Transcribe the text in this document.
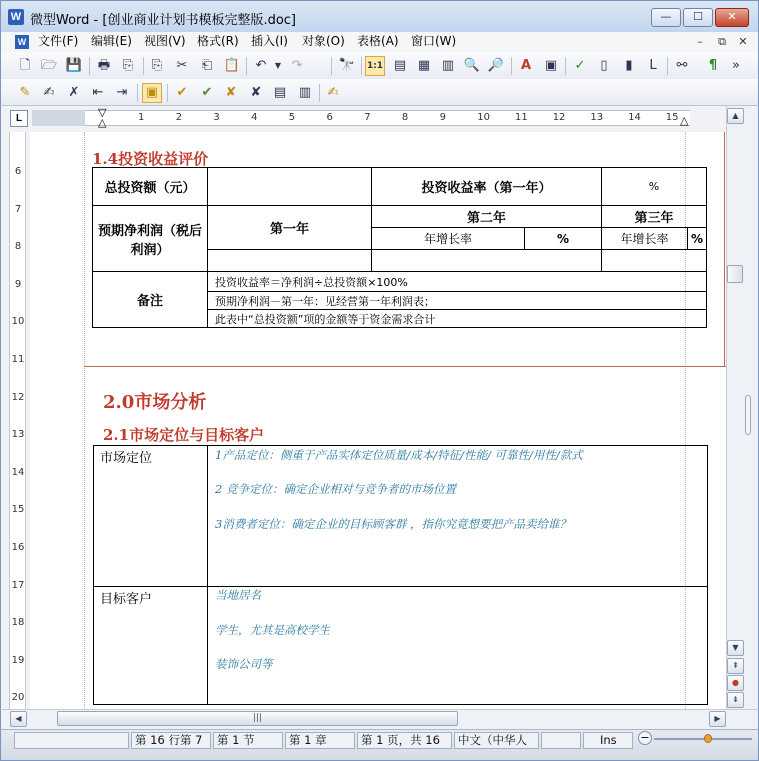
W 微型Word - [创业商业计划书模板完整版.doc]	—	☐	✕
W 文件(F) 编辑(E) 视图(V) 格式(R) 插入(I) 对象(O) 表格(A) 窗口(W)	–	⧉	✕
🗋 🗁 💾 🖶 ⎘	⎘	✂	⎗ 📋	↶	▼ ↷	🔭 1:1 ▤ ▦ ▥ 🔍 🔎	A	▣	✓	▯	▮	L	⚯	¶	»
✎	✍	✗	⇤	⇥	▣	✔	✔	✘	✘ ▤ ▥	✍
L	1	2	3	4	5	6	7	8	9	10 11 12 13 14 15
▽
△	△
6
7
8
9
10
11
12
13
14
15
16
17
18
19
20
1.4投资收益评价
总投资额（元）		投资收益率（第一年）		%	
预期净利润（税后利润）	第一年	第二年		第三年	
		年增长率	%	年增长率	%

备注	投资收益率＝净利润÷总投资额×100%				
	预期净利润－第一年：见经营第一年利润表；				
	此表中“总投资额”项的金额等于资金需求合计				
2.0市场分析
2.1市场定位与目标客户
市场定位	
目标客户	
1产品定位：侧重于产品实体定位质量/成本/特征/性能/ 可靠性/用性/款式
2 竞争定位：确定企业相对与竞争者的市场位置
3消费者定位：确定企业的目标顾客群 ，指你究竟想要把产品卖给谁？
当地居名
学生，尤其是高校学生
装饰公司等
▲
▼
⇞
●
⇟
◀	|||	▶
第 16 行第 7	第 1 节	第 1 章	第 1 页，共 16	中文（中华人	Ins	−
